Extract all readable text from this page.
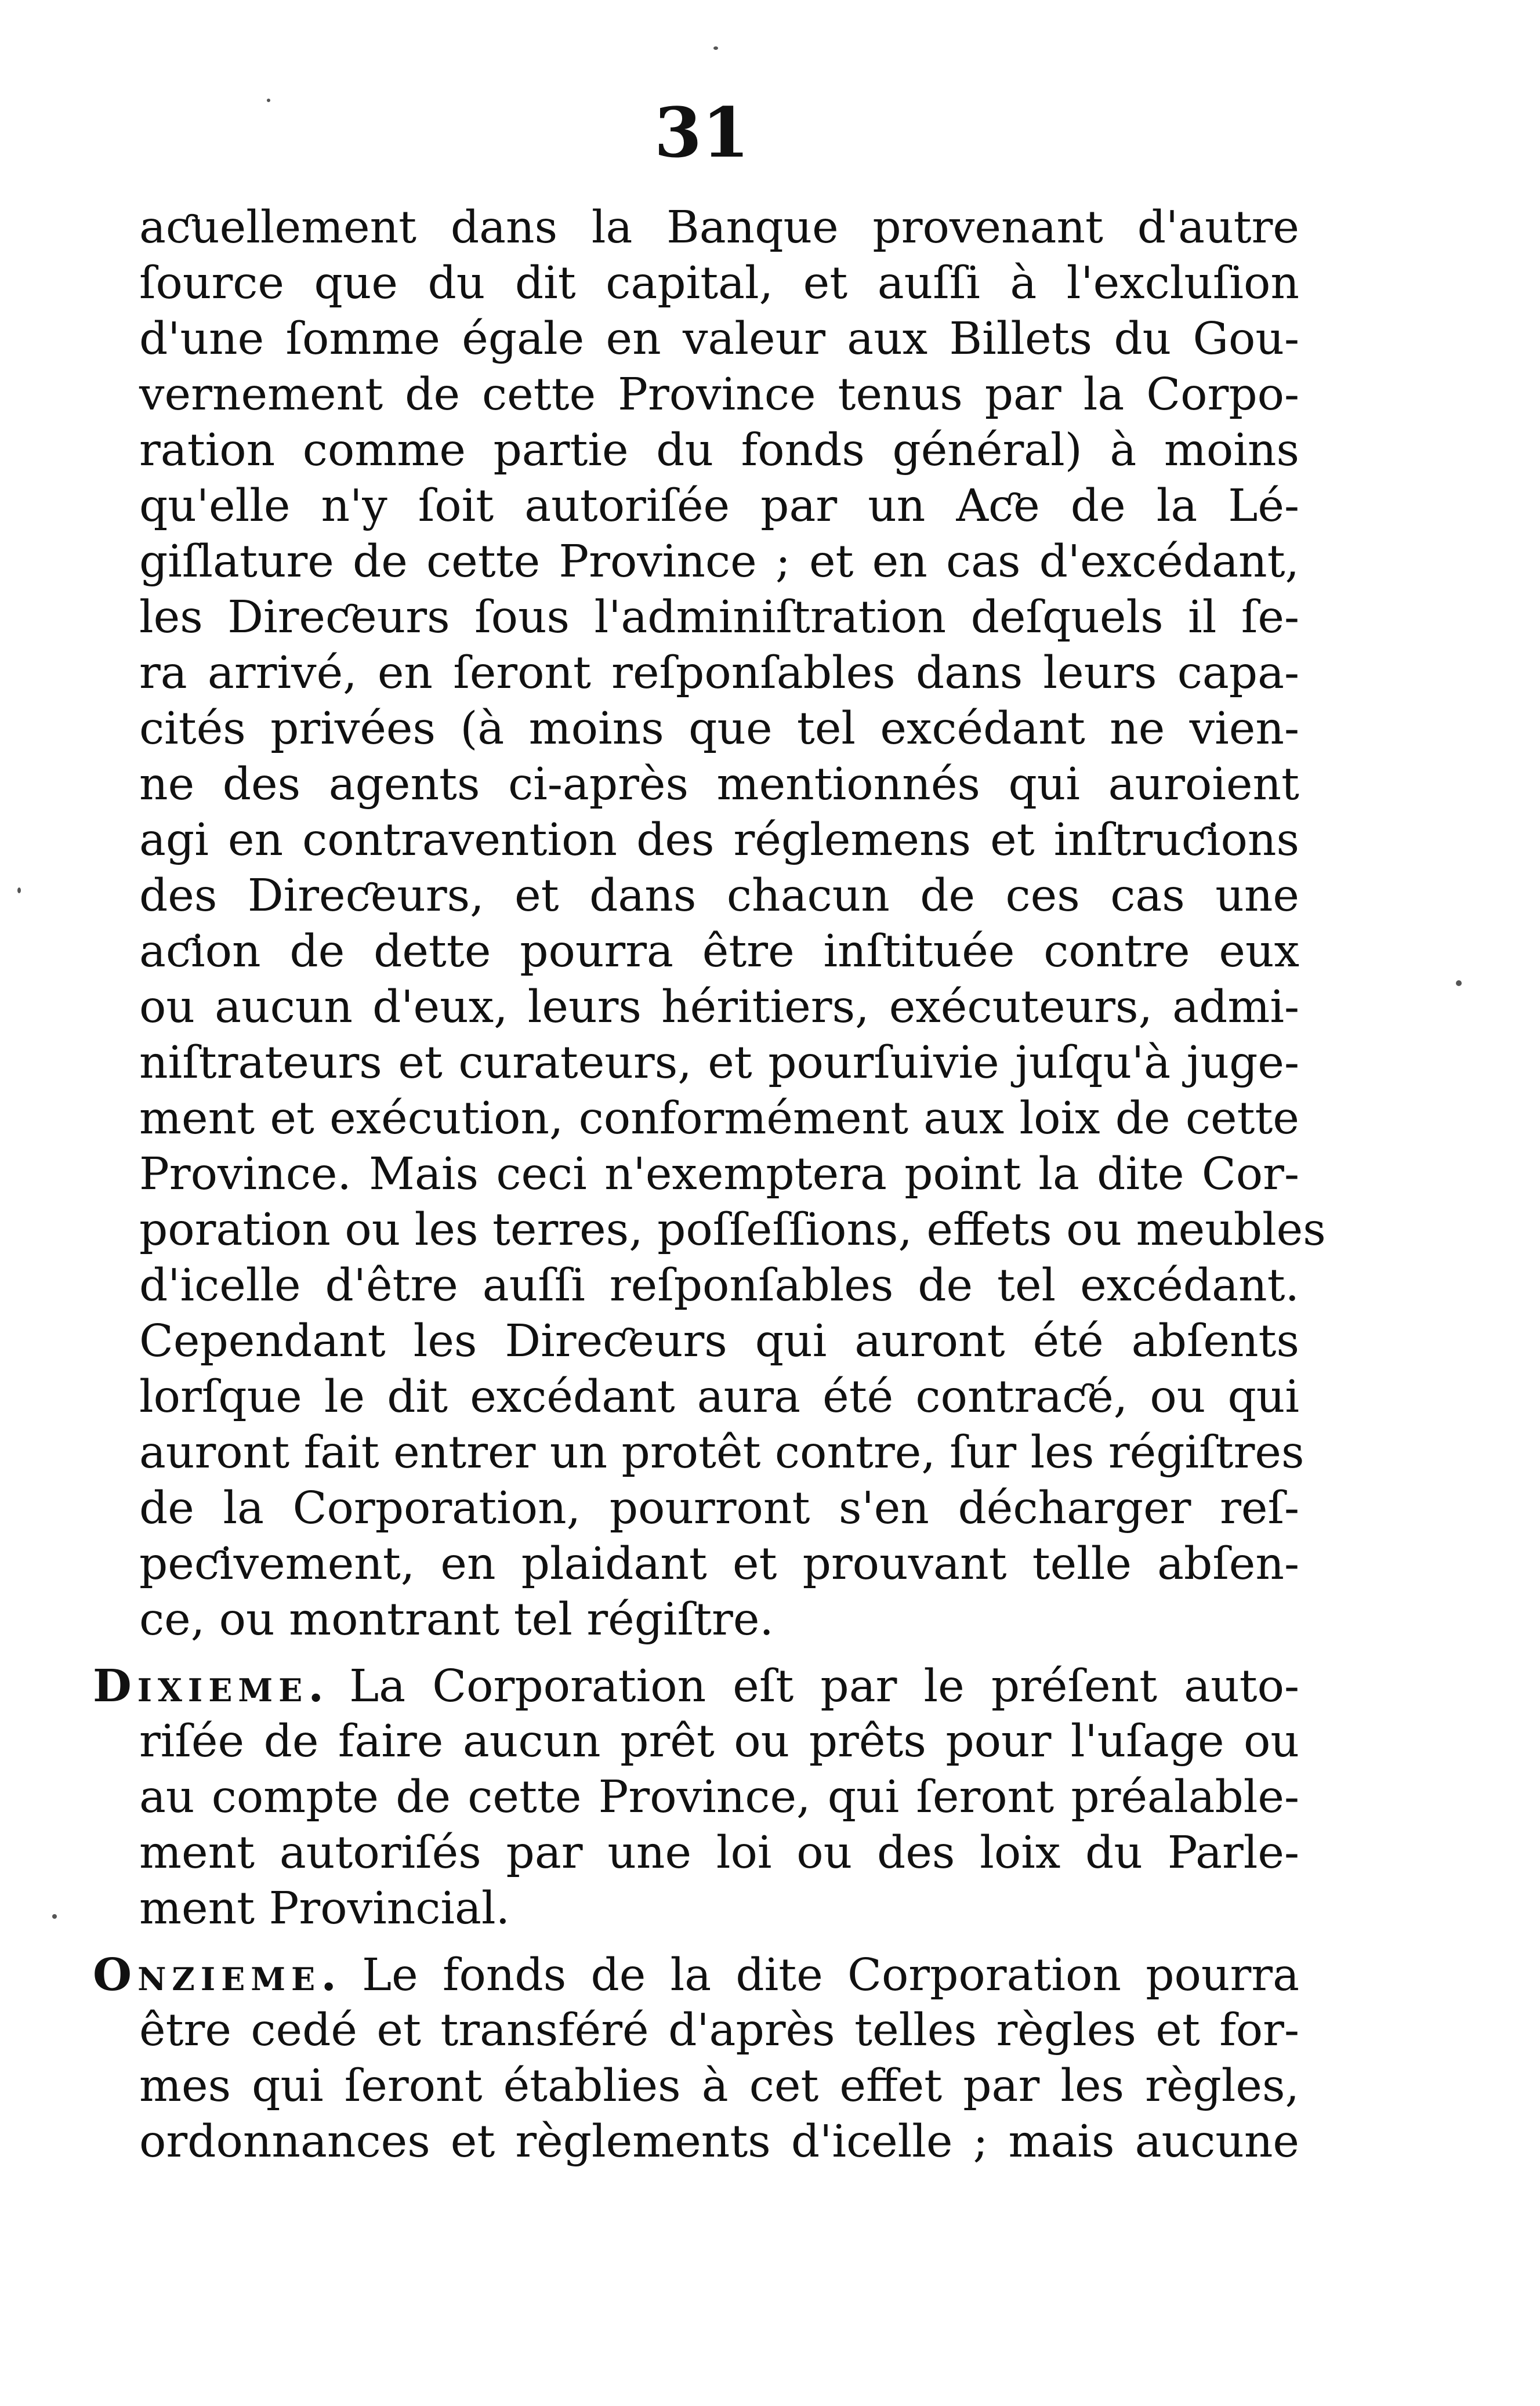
31
aƈuellement dans la Banque provenant d'autre
ſource que du dit capital, et auſſi à l'excluſion
d'une ſomme égale en valeur aux Billets du Gou-
vernement de cette Province tenus par la Corpo-
ration comme partie du fonds général) à moins
qu'elle n'y ſoit autoriſée par un Aƈe de la Lé-
giſlature de cette Province ; et en cas d'excédant,
les Direƈeurs ſous l'adminiſtration deſquels il ſe-
ra arrivé, en ſeront reſponſables dans leurs capa-
cités privées (à moins que tel excédant ne vien-
ne des agents ci-après mentionnés qui auroient
agi en contravention des réglemens et inſtruƈions
des Direƈeurs, et dans chacun de ces cas une
aƈion de dette pourra être inſtituée contre eux
ou aucun d'eux, leurs héritiers, exécuteurs, admi-
niſtrateurs et curateurs, et pourſuivie juſqu'à juge-
ment et exécution, conformément aux loix de cette
Province. Mais ceci n'exemptera point la dite Cor-
poration ou les terres, poſſeſſions, effets ou meubles
d'icelle d'être auſſi reſponſables de tel excédant.
Cependant les Direƈeurs qui auront été abſents
lorſque le dit excédant aura été contraƈé, ou qui
auront fait entrer un protêt contre, ſur les régiſtres
de la Corporation, pourront s'en décharger reſ-
peƈivement, en plaidant et prouvant telle abſen-
ce, ou montrant tel régiſtre.
Dixieme. La Corporation eſt par le préſent auto-
riſée de faire aucun prêt ou prêts pour l'uſage ou
au compte de cette Province, qui ſeront préalable-
ment autoriſés par une loi ou des loix du Parle-
ment Provincial.
Onzieme. Le fonds de la dite Corporation pourra
être cedé et transféré d'après telles règles et for-
mes qui ſeront établies à cet effet par les règles,
ordonnances et règlements d'icelle ; mais aucune
